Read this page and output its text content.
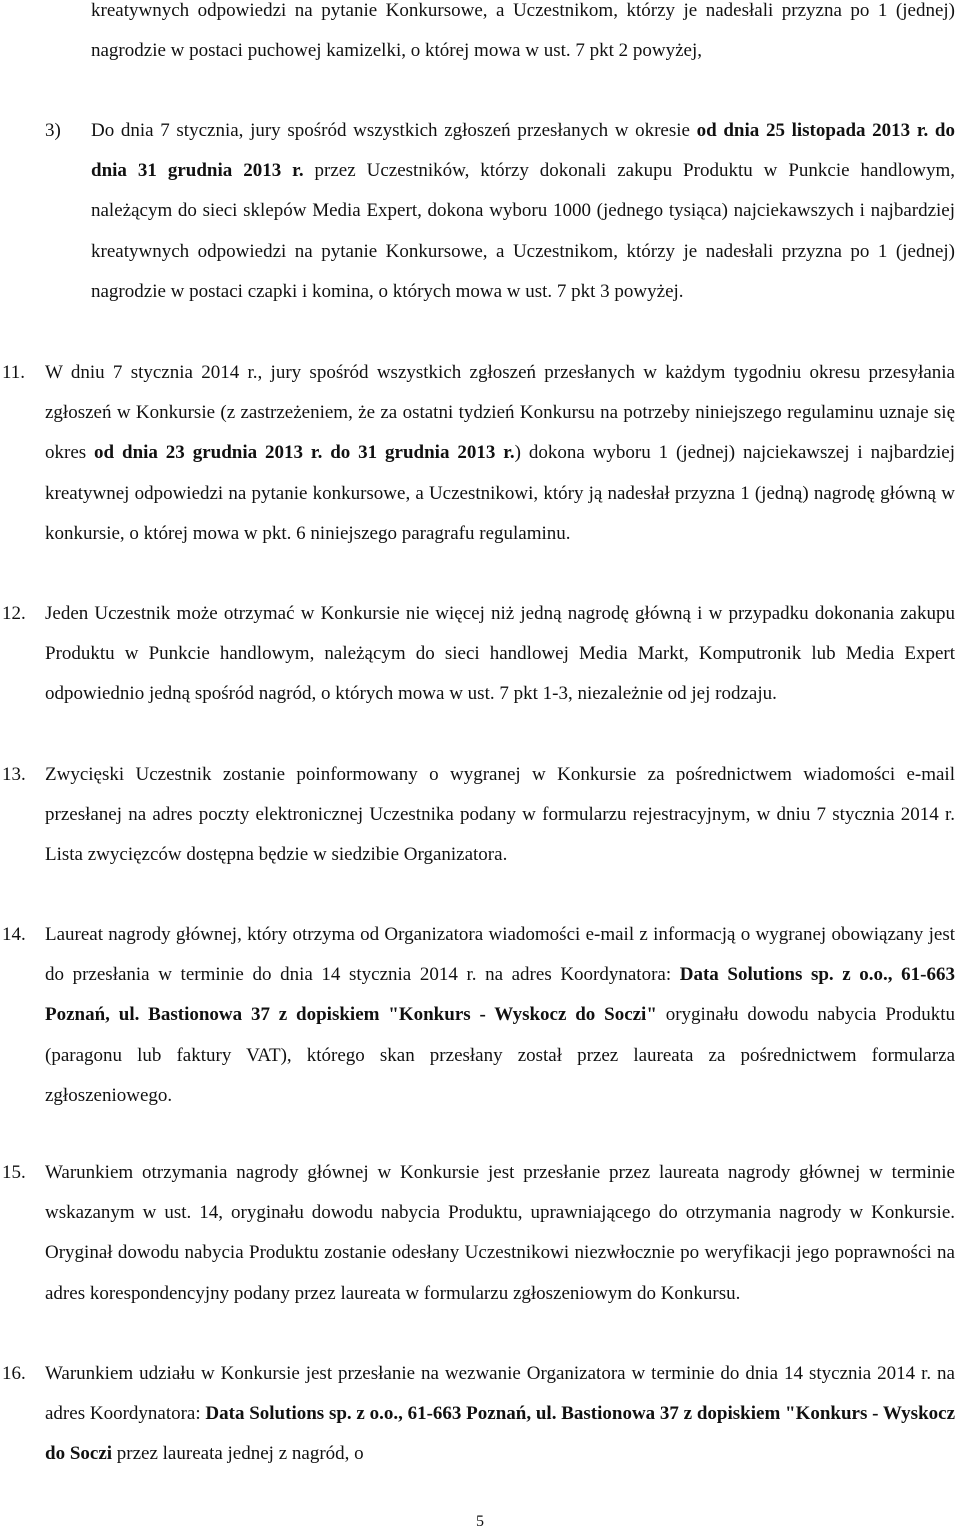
kreatywnych odpowiedzi na pytanie Konkursowe, a Uczestnikom, którzy je nadesłali przyzna po 1 (jednej) nagrodzie w postaci puchowej kamizelki, o której mowa w ust. 7 pkt 2 powyżej,
3) Do dnia 7 stycznia, jury spośród wszystkich zgłoszeń przesłanych w okresie od dnia 25 listopada 2013 r. do dnia 31 grudnia 2013 r. przez Uczestników, którzy dokonali zakupu Produktu w Punkcie handlowym, należącym do sieci sklepów Media Expert, dokona wyboru 1000 (jednego tysiąca) najciekawszych i najbardziej kreatywnych odpowiedzi na pytanie Konkursowe, a Uczestnikom, którzy je nadesłali przyzna po 1 (jednej) nagrodzie w postaci czapki i komina, o których mowa w ust. 7 pkt 3 powyżej.
11. W dniu 7 stycznia 2014 r., jury spośród wszystkich zgłoszeń przesłanych w każdym tygodniu okresu przesyłania zgłoszeń w Konkursie (z zastrzeżeniem, że za ostatni tydzień Konkursu na potrzeby niniejszego regulaminu uznaje się okres od dnia 23 grudnia 2013 r. do 31 grudnia 2013 r.) dokona wyboru 1 (jednej) najciekawszej i najbardziej kreatywnej odpowiedzi na pytanie konkursowe, a Uczestnikowi, który ją nadesłał przyzna 1 (jedną) nagrodę główną w konkursie, o której mowa w pkt. 6 niniejszego paragrafu regulaminu.
12. Jeden Uczestnik może otrzymać w Konkursie nie więcej niż jedną nagrodę główną i w przypadku dokonania zakupu Produktu w Punkcie handlowym, należącym do sieci handlowej Media Markt, Komputronik lub Media Expert odpowiednio jedną spośród nagród, o których mowa w ust. 7 pkt 1-3, niezależnie od jej rodzaju.
13. Zwycięski Uczestnik zostanie poinformowany o wygranej w Konkursie za pośrednictwem wiadomości e-mail przesłanej na adres poczty elektronicznej Uczestnika podany w formularzu rejestracyjnym, w dniu 7 stycznia 2014 r. Lista zwycięzców dostępna będzie w siedzibie Organizatora.
14. Laureat nagrody głównej, który otrzyma od Organizatora wiadomości e-mail z informacją o wygranej obowiązany jest do przesłania w terminie do dnia 14 stycznia 2014 r. na adres Koordynatora: Data Solutions sp. z o.o., 61-663 Poznań, ul. Bastionowa 37 z dopiskiem "Konkurs - Wyskocz do Soczi" oryginału dowodu nabycia Produktu (paragonu lub faktury VAT), którego skan przesłany został przez laureata za pośrednictwem formularza zgłoszeniowego.
15. Warunkiem otrzymania nagrody głównej w Konkursie jest przesłanie przez laureata nagrody głównej w terminie wskazanym w ust. 14, oryginału dowodu nabycia Produktu, uprawniającego do otrzymania nagrody w Konkursie. Oryginał dowodu nabycia Produktu zostanie odesłany Uczestnikowi niezwłocznie po weryfikacji jego poprawności na adres korespondencyjny podany przez laureata w formularzu zgłoszeniowym do Konkursu.
16. Warunkiem udziału w Konkursie jest przesłanie na wezwanie Organizatora w terminie do dnia 14 stycznia 2014 r. na adres Koordynatora: Data Solutions sp. z o.o., 61-663 Poznań, ul. Bastionowa 37 z dopiskiem "Konkurs - Wyskocz do Soczi przez laureata jednej z nagród, o
5
